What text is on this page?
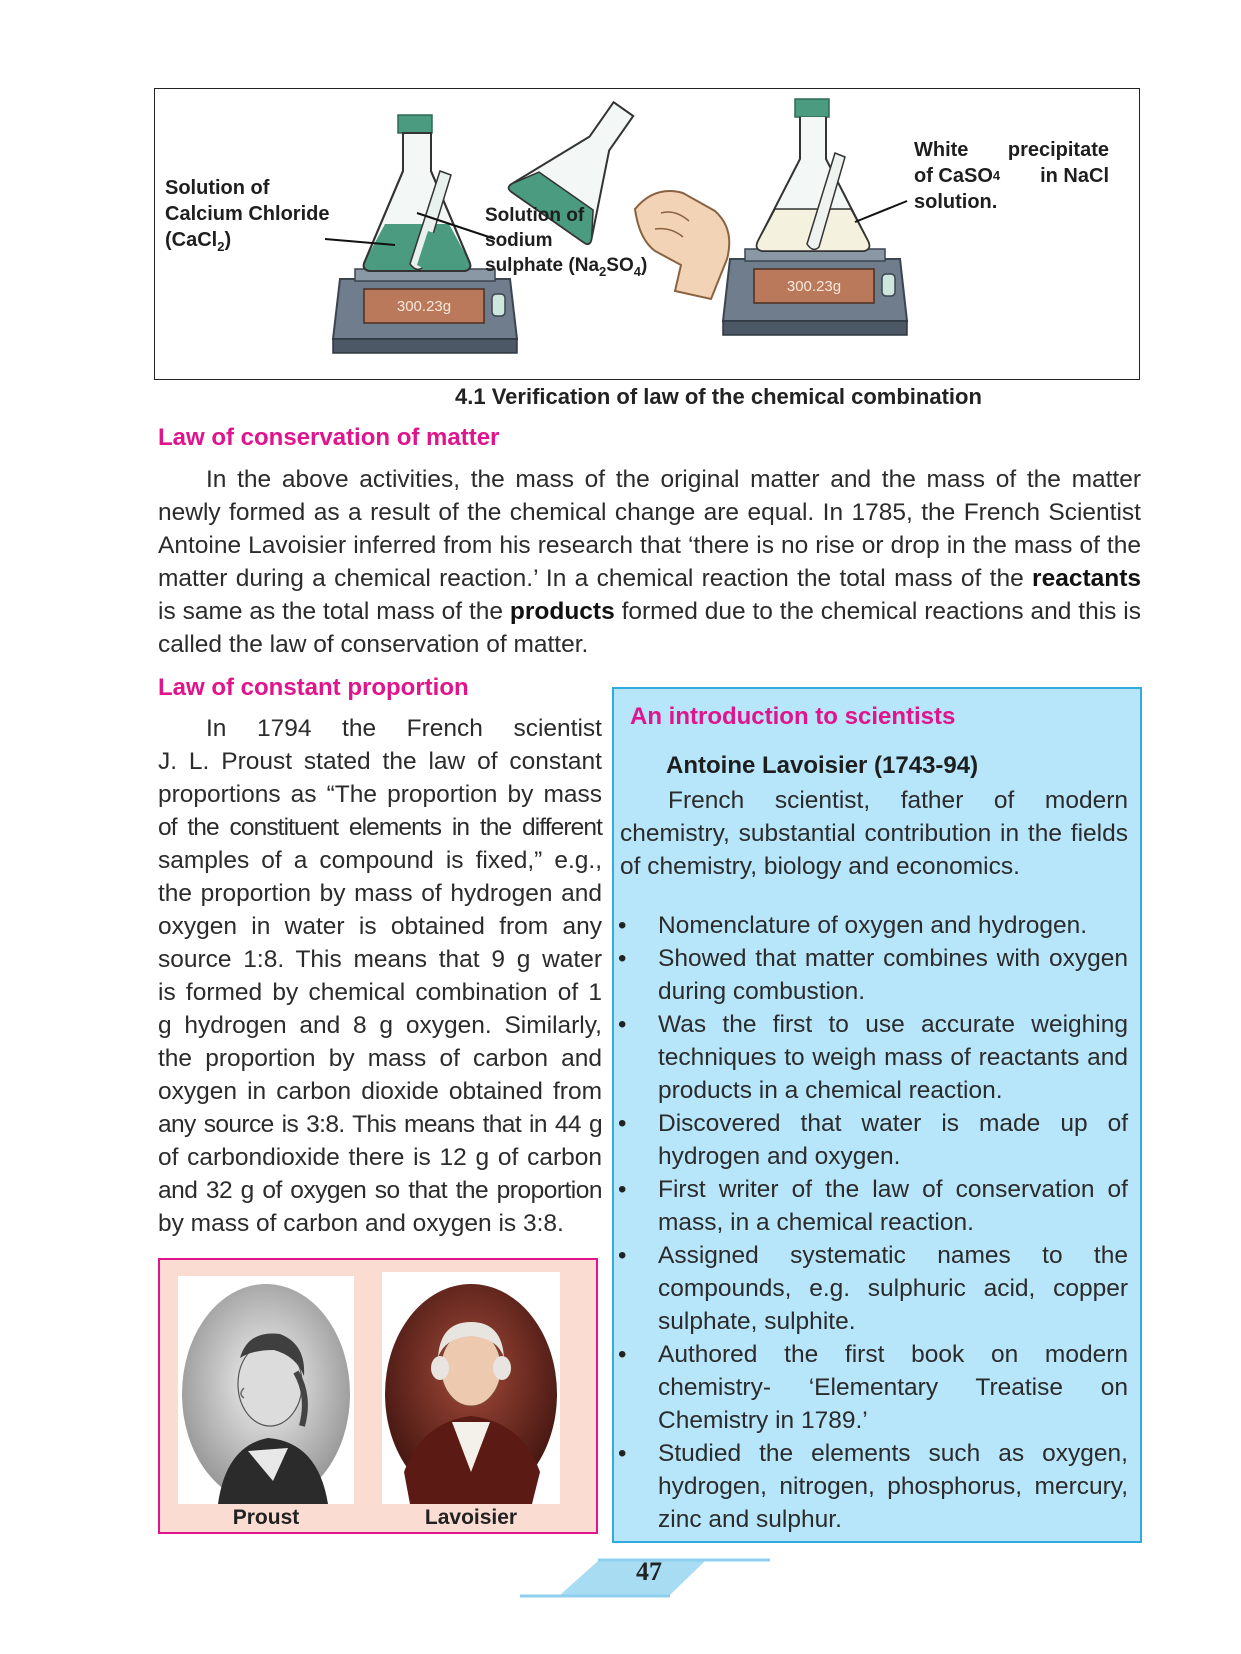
300.23g
300.23g
Solution of
Calcium Chloride
(CaCl$_2$)
Solution of
sodium
sulphate $(Na_2SO_4)$
White precipitate
of CaSO 4	in NaCl
solution.
4.1 Verification of law of the chemical combination
Law of conservation of matter
In the above activities, the mass of the original matter and the mass of the matter
newly formed as a result of the chemical change are equal. In 1785, the French Scientist
Antoine Lavoisier inferred from his research that ‘there is no rise or drop in the mass of the
matter during a chemical reaction.’ In a chemical reaction the total mass of the reactants
is same as the total mass of the products formed due to the chemical reactions and this is
called the law of conservation of matter.
Law of constant proportion
In 1794 the French scientist
J. L. Proust stated the law of constant
proportions as “The proportion by mass
of the constituent elements in the different
samples of a compound is fixed,” e.g.,
the proportion by mass of hydrogen and
oxygen in water is obtained from any
source 1:8. This means that 9 g water
is formed by chemical combination of 1
g hydrogen and 8 g oxygen. Similarly,
the proportion by mass of carbon and
oxygen in carbon dioxide obtained from
any source is 3:8. This means that in 44 g
of carbondioxide there is 12 g of carbon
and 32 g of oxygen so that the proportion
by mass of carbon and oxygen is 3:8.
Proust	Lavoisier
An introduction to scientists
Antoine Lavoisier (1743-94)
French scientist, father of modern
chemistry, substantial contribution in the fields
of chemistry, biology and economics.
• Nomenclature of oxygen and hydrogen.
• Showed that matter combines with oxygen
during combustion.
• Was the first to use accurate weighing
techniques to weigh mass of reactants and
products in a chemical reaction.
• Discovered that water is made up of
hydrogen and oxygen.
• First writer of the law of conservation of
mass, in a chemical reaction.
• Assigned systematic names to the
compounds, e.g. sulphuric acid, copper
sulphate, sulphite.
• Authored the first book on modern
chemistry- ‘Elementary Treatise on
Chemistry in 1789.’
• Studied the elements such as oxygen,
hydrogen, nitrogen, phosphorus, mercury,
zinc and sulphur.
47
